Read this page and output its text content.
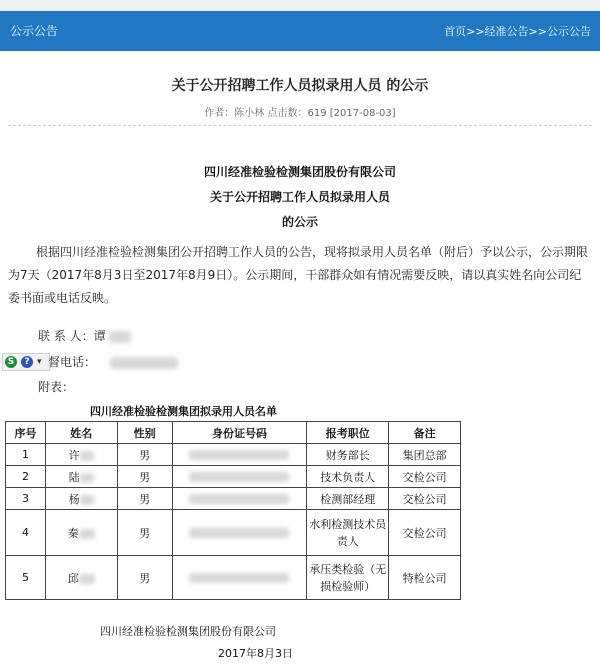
公示公告	首页>>经准公告>>公示公告
关于公开招聘工作人员拟录用人员 的公示
作者：陈小林 点击数：619 [2017-08-03]
四川经准检验检测集团股份有限公司
关于公开招聘工作人员拟录用人员
的公示
根据四川经准检验检测集团公开招聘工作人员的公告，现将拟录用人员名单（附后）予以公示，公示期限为7天（2017年8月3日至2017年8月9日）。公示期间，干部群众如有情况需要反映，请以真实姓名向公司纪委书面或电话反映。
联 系 人：谭
S	? ▾ 督电话：
附表：
四川经准检验检测集团拟录用人员名单
序号	姓名	性别	身份证号码	报考职位	备注
1	许	男		财务部长	集团总部
2	陆	男		技术负责人	交检公司
3	杨	男		检测部经理	交检公司
4	秦	男		水利检测技术员责人	交检公司
5	邱	男		承压类检验（无损检验师）	特检公司
四川经准检验检测集团股份有限公司
2017年8月3日
